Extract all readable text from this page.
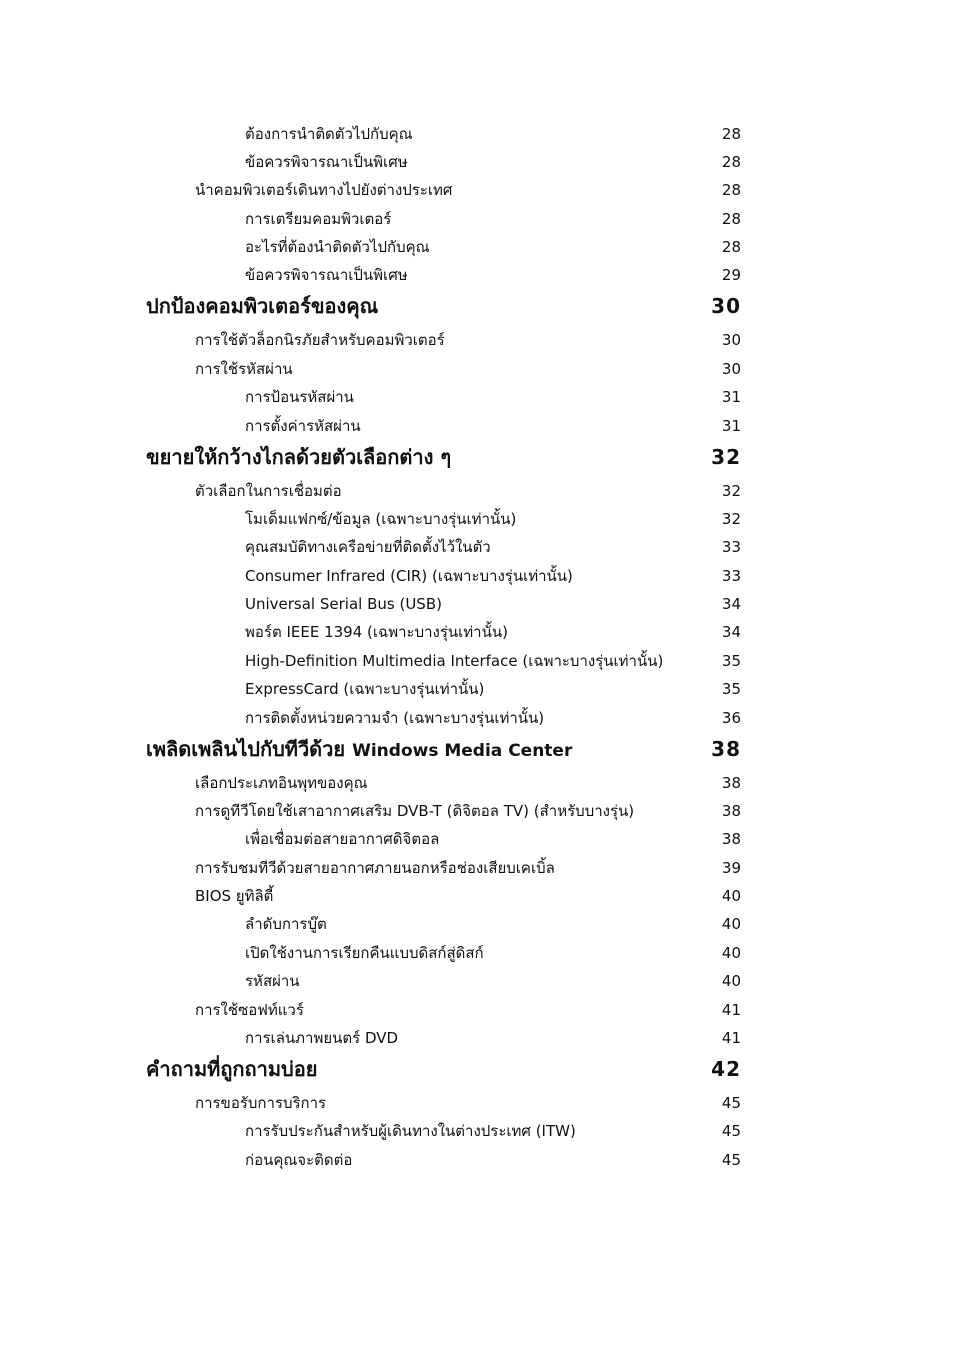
ต้องการนำติดตัวไปกับคุณ	28
ข้อควรพิจารณาเป็นพิเศษ	28
นำคอมพิวเตอร์เดินทางไปยังต่างประเทศ	28
การเตรียมคอมพิวเตอร์	28
อะไรที่ต้องนำติดตัวไปกับคุณ	28
ข้อควรพิจารณาเป็นพิเศษ	29
ปกป้องคอมพิวเตอร์ของคุณ	30
การใช้ตัวล็อกนิรภัยสำหรับคอมพิวเตอร์	30
การใช้รหัสผ่าน	30
การป้อนรหัสผ่าน	31
การตั้งค่ารหัสผ่าน	31
ขยายให้กว้างไกลด้วยตัวเลือกต่าง ๆ	32
ตัวเลือกในการเชื่อมต่อ	32
โมเด็มแฟกซ์/ข้อมูล (เฉพาะบางรุ่นเท่านั้น)	32
คุณสมบัติทางเครือข่ายที่ติดตั้งไว้ในตัว	33
Consumer Infrared (CIR) (เฉพาะบางรุ่นเท่านั้น)	33
Universal Serial Bus (USB)	34
พอร์ต IEEE 1394 (เฉพาะบางรุ่นเท่านั้น)	34
High-Definition Multimedia Interface (เฉพาะบางรุ่นเท่านั้น)	35
ExpressCard (เฉพาะบางรุ่นเท่านั้น)	35
การติดตั้งหน่วยความจำ (เฉพาะบางรุ่นเท่านั้น)	36
เพลิดเพลินไปกับทีวีด้วย Windows Media Center	38
เลือกประเภทอินพุทของคุณ	38
การดูทีวีโดยใช้เสาอากาศเสริม DVB-T (ดิจิตอล TV) (สำหรับบางรุ่น)	38
เพื่อเชื่อมต่อสายอากาศดิจิตอล	38
การรับชมทีวีด้วยสายอากาศภายนอกหรือช่องเสียบเคเบิ้ล	39
BIOS ยูทิลิตี้	40
ลำดับการบู๊ต	40
เปิดใช้งานการเรียกคืนแบบดิสก์สู่ดิสก์	40
รหัสผ่าน	40
การใช้ซอฟท์แวร์	41
การเล่นภาพยนตร์ DVD	41
คำถามที่ถูกถามบ่อย	42
การขอรับการบริการ	45
การรับประกันสำหรับผู้เดินทางในต่างประเทศ (ITW)	45
ก่อนคุณจะติดต่อ	45
